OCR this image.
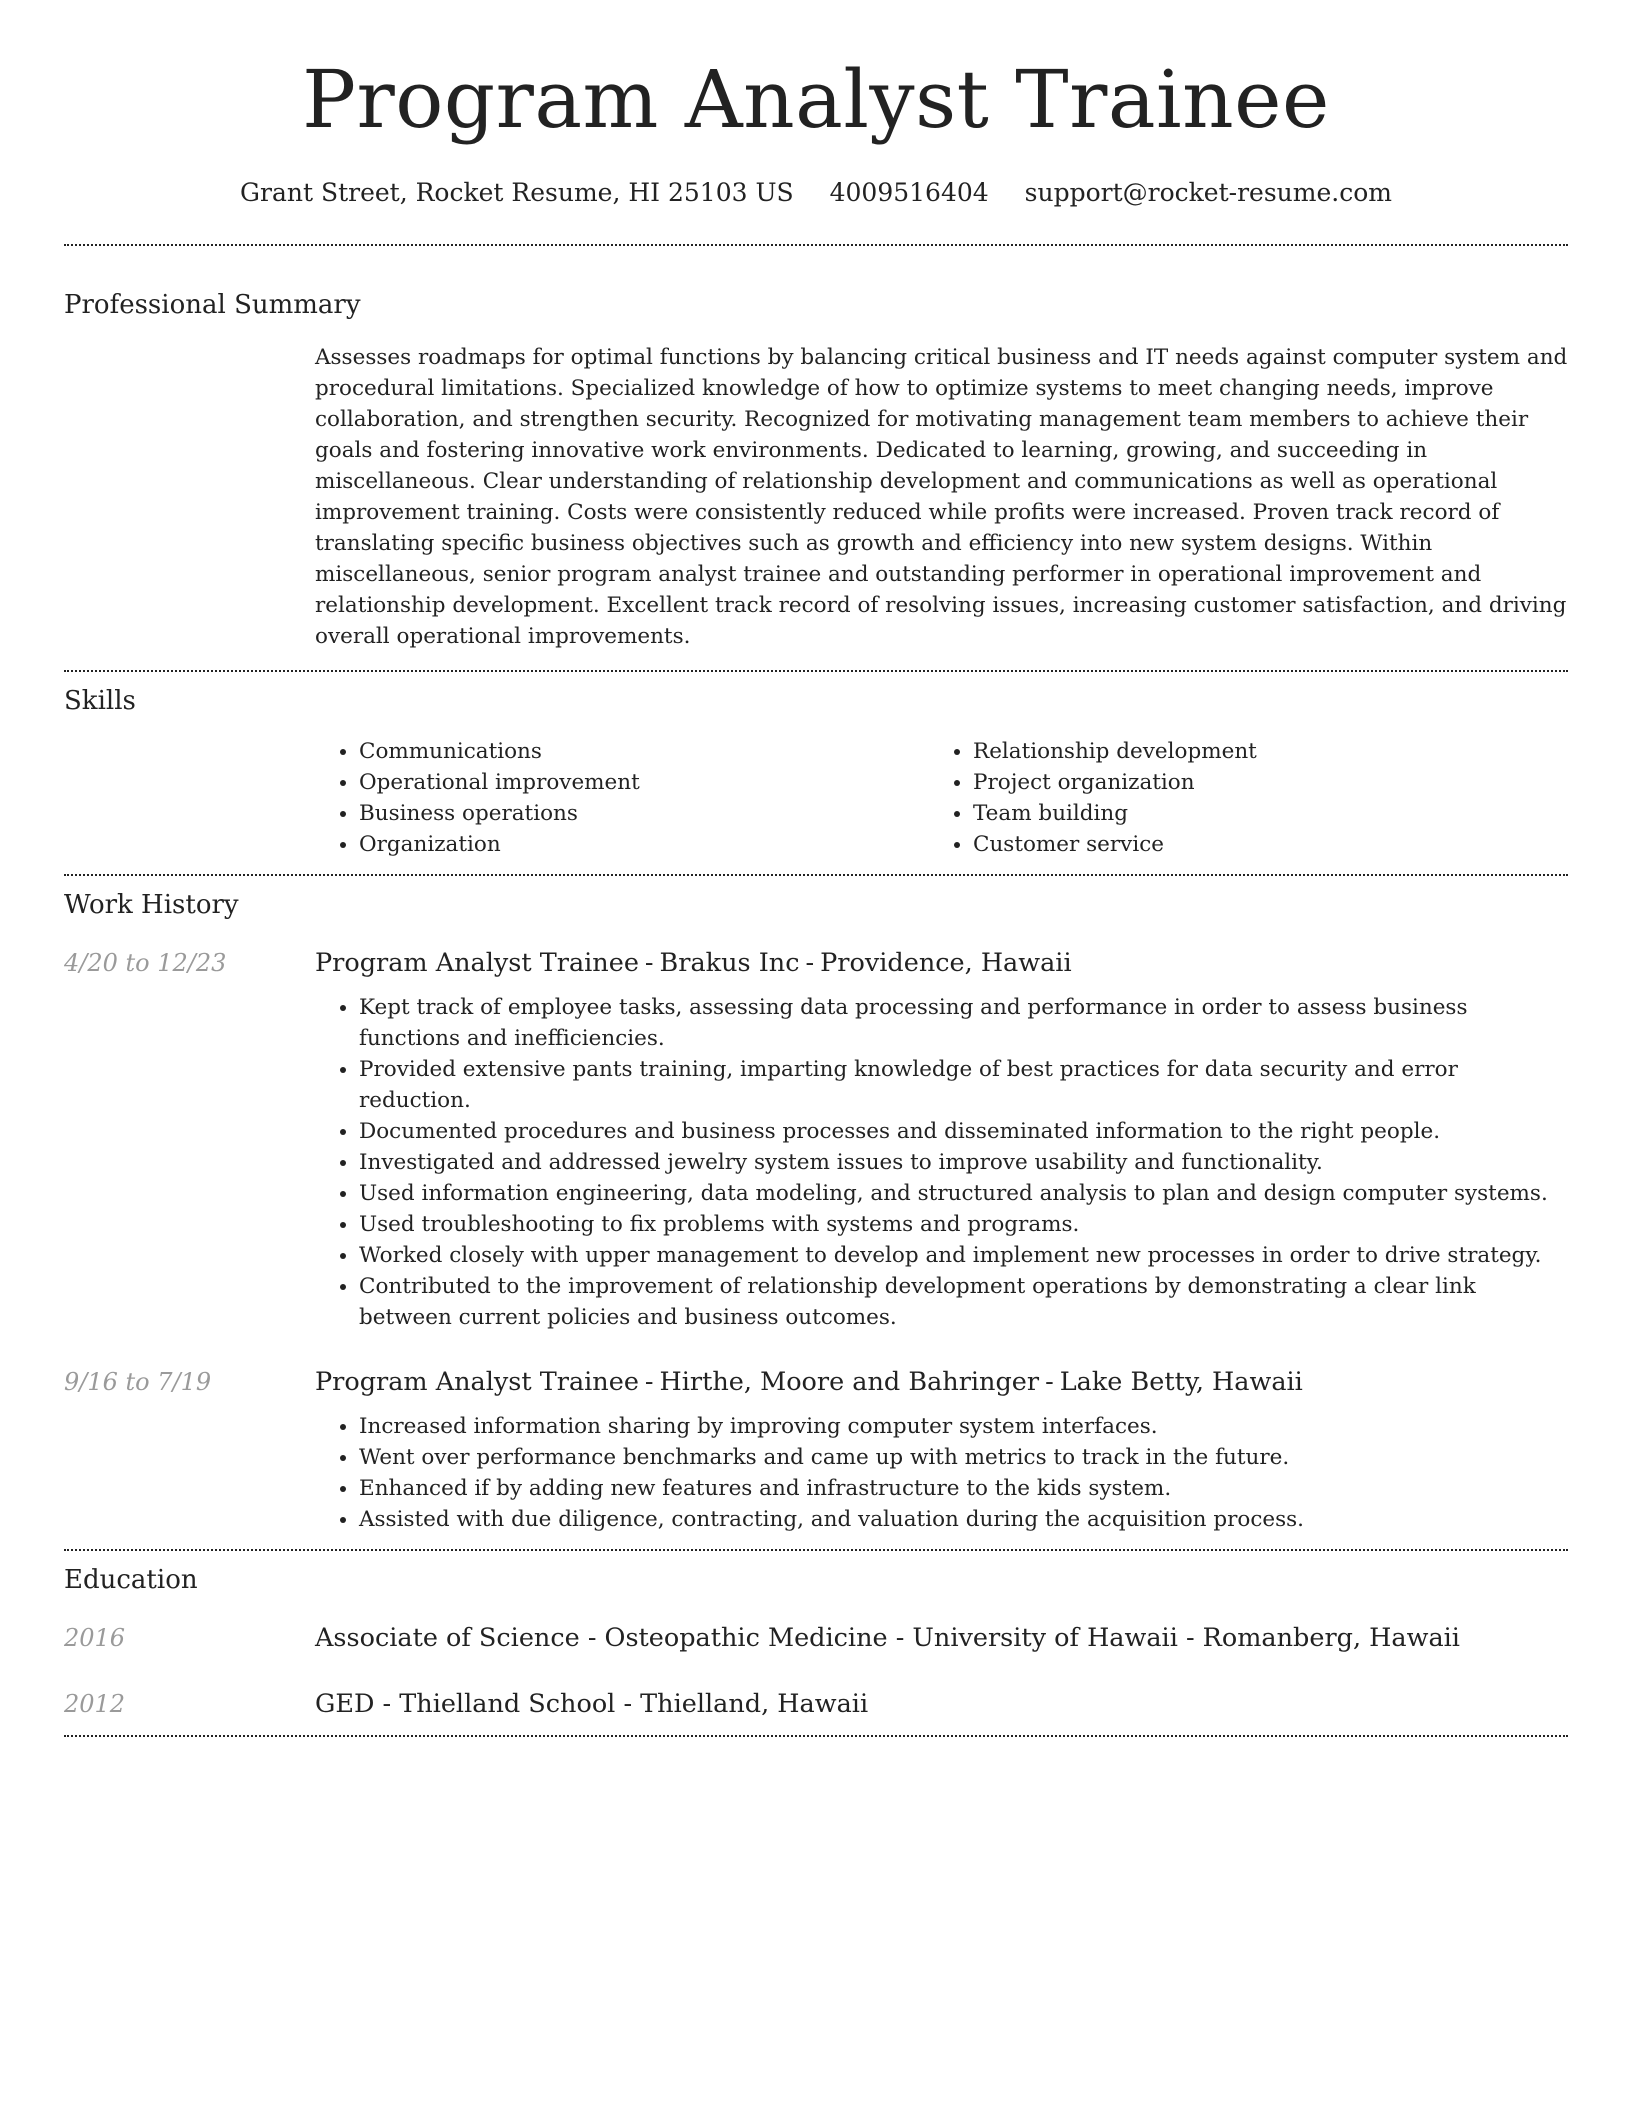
Program Analyst Trainee
Grant Street, Rocket Resume, HI 25103 US 4009516404 support@rocket-resume.com
Professional Summary
Assesses roadmaps for optimal functions by balancing critical business and IT needs against computer system and procedural limitations. Specialized knowledge of how to optimize systems to meet changing needs, improve collaboration, and strengthen security. Recognized for motivating management team members to achieve their goals and fostering innovative work environments. Dedicated to learning, growing, and succeeding in miscellaneous. Clear understanding of relationship development and communications as well as operational improvement training. Costs were consistently reduced while profits were increased. Proven track record of translating specific business objectives such as growth and efficiency into new system designs. Within miscellaneous, senior program analyst trainee and outstanding performer in operational improvement and relationship development. Excellent track record of resolving issues, increasing customer satisfaction, and driving overall operational improvements.
Skills
• Communications
• Operational improvement
• Business operations
• Organization
• Relationship development
• Project organization
• Team building
• Customer service
Work History
4/20 to 12/23	Program Analyst Trainee - Brakus Inc - Providence, Hawaii
• Kept track of employee tasks, assessing data processing and performance in order to assess business functions and inefficiencies.
• Provided extensive pants training, imparting knowledge of best practices for data security and error reduction.
• Documented procedures and business processes and disseminated information to the right people.
• Investigated and addressed jewelry system issues to improve usability and functionality.
• Used information engineering, data modeling, and structured analysis to plan and design computer systems.
• Used troubleshooting to fix problems with systems and programs.
• Worked closely with upper management to develop and implement new processes in order to drive strategy.
• Contributed to the improvement of relationship development operations by demonstrating a clear link between current policies and business outcomes.
9/16 to 7/19	Program Analyst Trainee - Hirthe, Moore and Bahringer - Lake Betty, Hawaii
• Increased information sharing by improving computer system interfaces.
• Went over performance benchmarks and came up with metrics to track in the future.
• Enhanced if by adding new features and infrastructure to the kids system.
• Assisted with due diligence, contracting, and valuation during the acquisition process.
Education
2016	Associate of Science - Osteopathic Medicine - University of Hawaii - Romanberg, Hawaii
2012	GED - Thielland School - Thielland, Hawaii
